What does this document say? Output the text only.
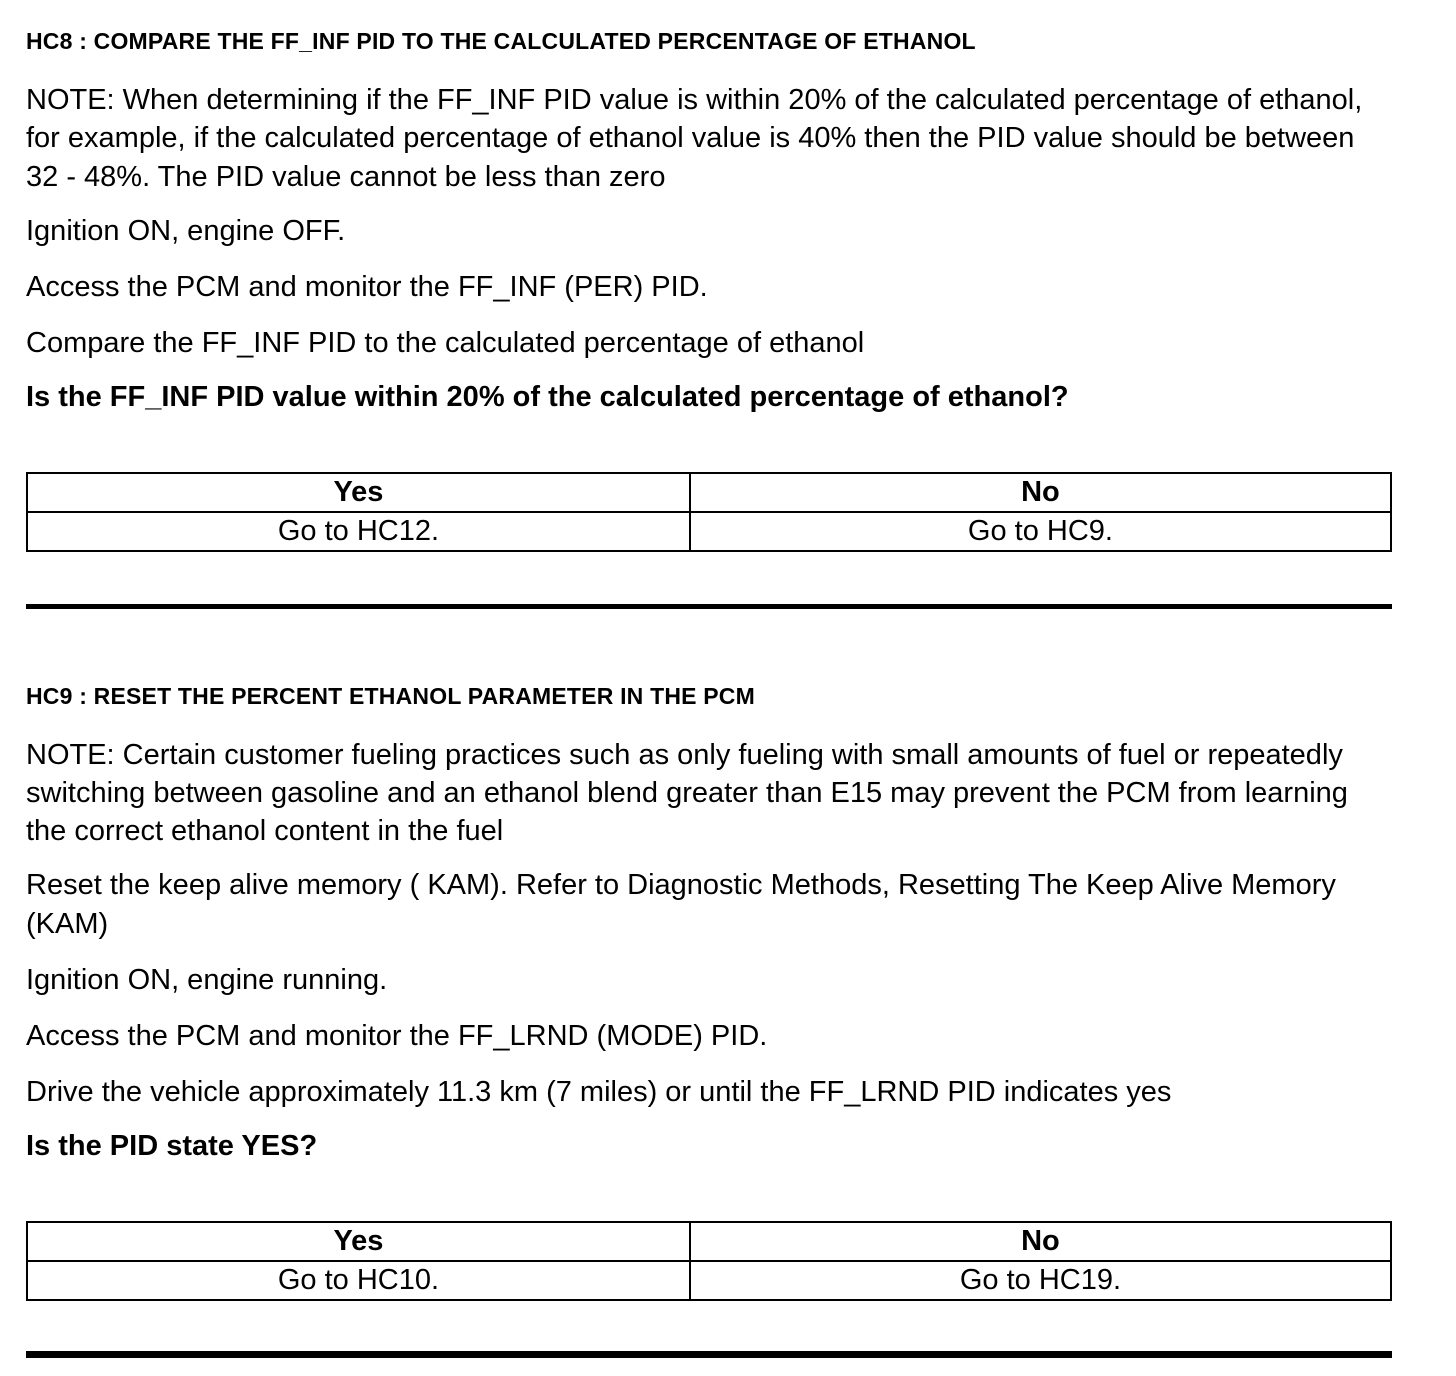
HC8 : COMPARE THE FF_INF PID TO THE CALCULATED PERCENTAGE OF ETHANOL

NOTE: When determining if the FF_INF PID value is within 20% of the calculated percentage of ethanol, for example, if the calculated percentage of ethanol value is 40% then the PID value should be between 32 - 48%. The PID value cannot be less than zero

Ignition ON, engine OFF.

Access the PCM and monitor the FF_INF (PER) PID.

Compare the FF_INF PID to the calculated percentage of ethanol

Is the FF_INF PID value within 20% of the calculated percentage of ethanol?

Yes	No
Go to HC12.	Go to HC9.
HC9 : RESET THE PERCENT ETHANOL PARAMETER IN THE PCM

NOTE: Certain customer fueling practices such as only fueling with small amounts of fuel or repeatedly switching between gasoline and an ethanol blend greater than E15 may prevent the PCM from learning the correct ethanol content in the fuel

Reset the keep alive memory ( KAM). Refer to Diagnostic Methods, Resetting The Keep Alive Memory (KAM)

Ignition ON, engine running.

Access the PCM and monitor the FF_LRND (MODE) PID.

Drive the vehicle approximately 11.3 km (7 miles) or until the FF_LRND PID indicates yes

Is the PID state YES?

Yes	No
Go to HC10.	Go to HC19.
